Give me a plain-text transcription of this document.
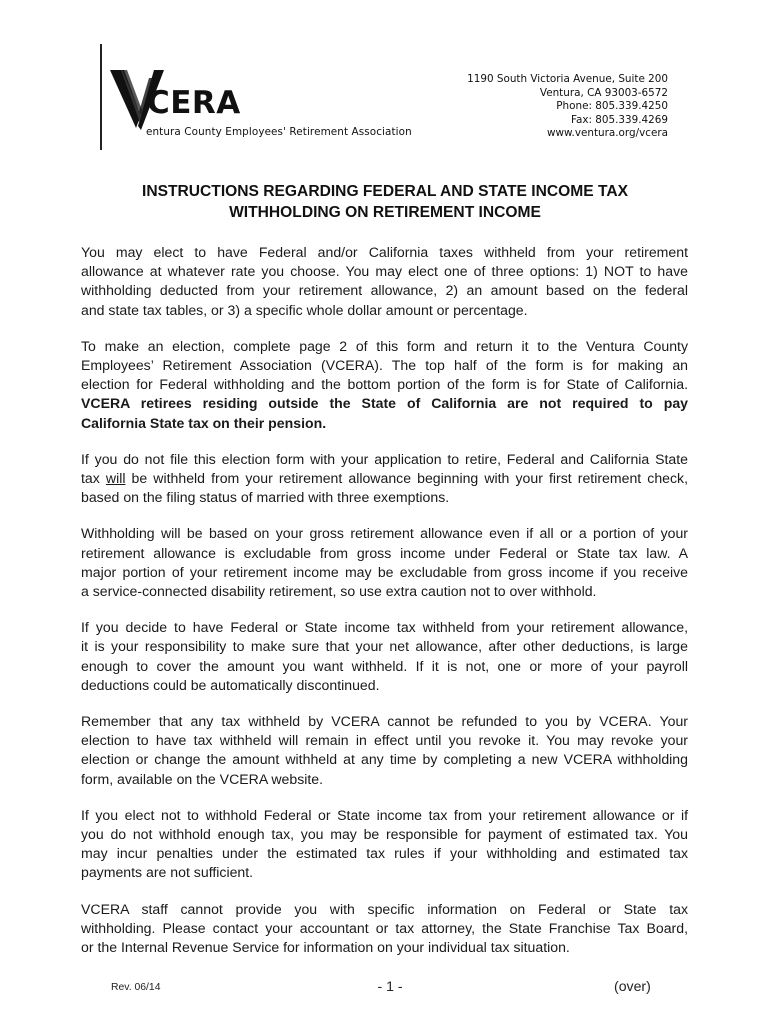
CERA
entura County Employees' Retirement Association
1190 South Victoria Avenue, Suite 200
Ventura, CA 93003-6572
Phone: 805.339.4250
Fax: 805.339.4269
www.ventura.org/vcera
INSTRUCTIONS REGARDING FEDERAL AND STATE INCOME TAX
WITHHOLDING ON RETIREMENT INCOME
You may elect to have Federal and/or California taxes withheld from your retirement
allowance at whatever rate you choose. You may elect one of three options: 1) NOT to have
withholding deducted from your retirement allowance, 2) an amount based on the federal
and state tax tables, or 3) a specific whole dollar amount or percentage.
To make an election, complete page 2 of this form and return it to the Ventura County
Employees’ Retirement Association (VCERA). The top half of the form is for making an
election for Federal withholding and the bottom portion of the form is for State of California.
VCERA retirees residing outside the State of California are not required to pay
California State tax on their pension.
If you do not file this election form with your application to retire, Federal and California State
tax will be withheld from your retirement allowance beginning with your first retirement check,
based on the filing status of married with three exemptions.
Withholding will be based on your gross retirement allowance even if all or a portion of your
retirement allowance is excludable from gross income under Federal or State tax law. A
major portion of your retirement income may be excludable from gross income if you receive
a service-connected disability retirement, so use extra caution not to over withhold.
If you decide to have Federal or State income tax withheld from your retirement allowance,
it is your responsibility to make sure that your net allowance, after other deductions, is large
enough to cover the amount you want withheld. If it is not, one or more of your payroll
deductions could be automatically discontinued.
Remember that any tax withheld by VCERA cannot be refunded to you by VCERA. Your
election to have tax withheld will remain in effect until you revoke it. You may revoke your
election or change the amount withheld at any time by completing a new VCERA withholding
form, available on the VCERA website.
If you elect not to withhold Federal or State income tax from your retirement allowance or if
you do not withhold enough tax, you may be responsible for payment of estimated tax. You
may incur penalties under the estimated tax rules if your withholding and estimated tax
payments are not sufficient.
VCERA staff cannot provide you with specific information on Federal or State tax
withholding. Please contact your accountant or tax attorney, the State Franchise Tax Board,
or the Internal Revenue Service for information on your individual tax situation.
Rev. 06/14	- 1 -	(over)
